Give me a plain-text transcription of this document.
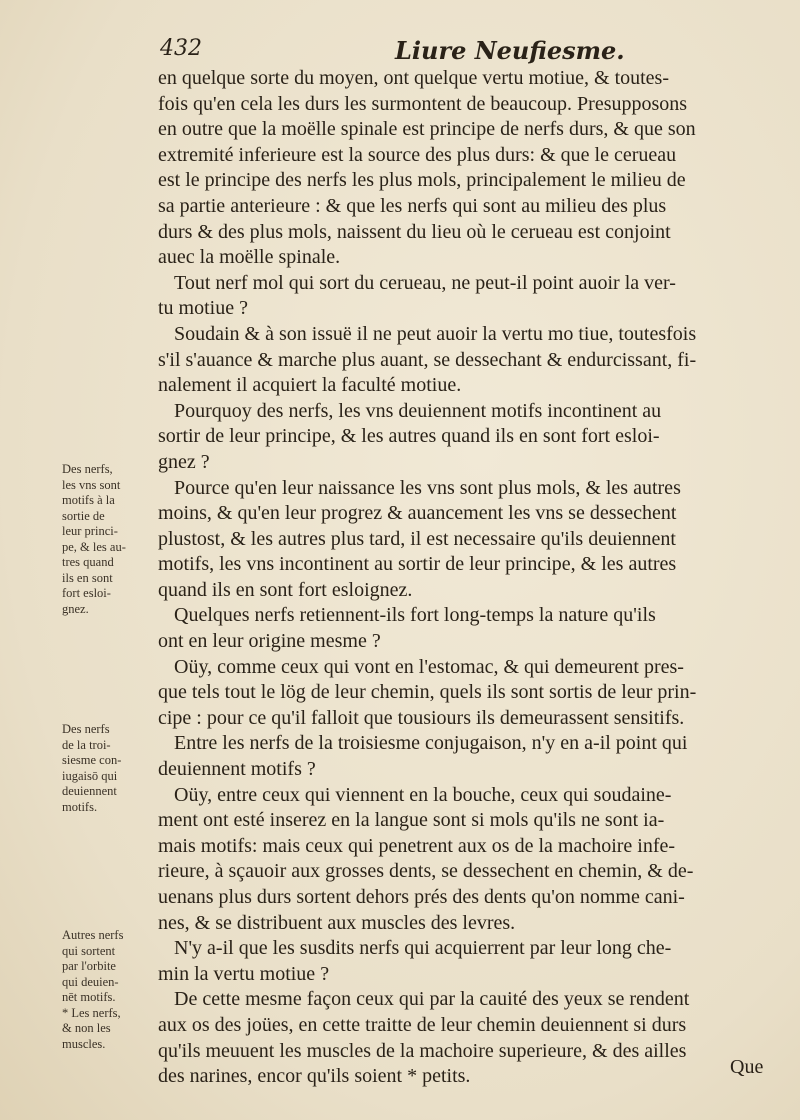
432	Liure Neufiesme.
en quelque sorte du moyen, ont quelque vertu motiue, & toutes-
fois qu'en cela les durs les surmontent de beaucoup. Presupposons
en outre que la moëlle spinale est principe de nerfs durs, & que son
extremité inferieure est la source des plus durs: & que le cerueau
est le principe des nerfs les plus mols, principalement le milieu de
sa partie anterieure : & que les nerfs qui sont au milieu des plus
durs & des plus mols, naissent du lieu où le cerueau est conjoint
auec la moëlle spinale.
Tout nerf mol qui sort du cerueau, ne peut-il point auoir la ver-
tu motiue ?
Soudain & à son issuë il ne peut auoir la vertu mo tiue, toutesfois
s'il s'auance & marche plus auant, se dessechant & endurcissant, fi-
nalement il acquiert la faculté motiue.
Pourquoy des nerfs, les vns deuiennent motifs incontinent au
sortir de leur principe, & les autres quand ils en sont fort esloi-
gnez ?
Pource qu'en leur naissance les vns sont plus mols, & les autres
moins, & qu'en leur progrez & auancement les vns se dessechent
plustost, & les autres plus tard, il est necessaire qu'ils deuiennent
motifs, les vns incontinent au sortir de leur principe, & les autres
quand ils en sont fort esloignez.
Quelques nerfs retiennent-ils fort long-temps la nature qu'ils
ont en leur origine mesme ?
Oüy, comme ceux qui vont en l'estomac, & qui demeurent pres-
que tels tout le lög de leur chemin, quels ils sont sortis de leur prin-
cipe : pour ce qu'il falloit que tousiours ils demeurassent sensitifs.
Entre les nerfs de la troisiesme conjugaison, n'y en a-il point qui
deuiennent motifs ?
Oüy, entre ceux qui viennent en la bouche, ceux qui soudaine-
ment ont esté inserez en la langue sont si mols qu'ils ne sont ia-
mais motifs: mais ceux qui penetrent aux os de la machoire infe-
rieure, à sçauoir aux grosses dents, se dessechent en chemin, & de-
uenans plus durs sortent dehors prés des dents qu'on nomme cani-
nes, & se distribuent aux muscles des levres.
N'y a-il que les susdits nerfs qui acquierrent par leur long che-
min la vertu motiue ?
De cette mesme façon ceux qui par la cauité des yeux se rendent
aux os des joües, en cette traitte de leur chemin deuiennent si durs
qu'ils meuuent les muscles de la machoire superieure, & des ailles
des narines, encor qu'ils soient * petits.
Des nerfs,
les vns sont
motifs à la
sortie de
leur princi-
pe, & les au-
tres quand
ils en sont
fort esloi-
gnez.
Des nerfs
de la troi-
siesme con-
iugaisō qui
deuiennent
motifs.
Autres nerfs
qui sortent
par l'orbite
qui deuien-
nēt motifs.
* Les nerfs,
& non les
muscles.
Que
